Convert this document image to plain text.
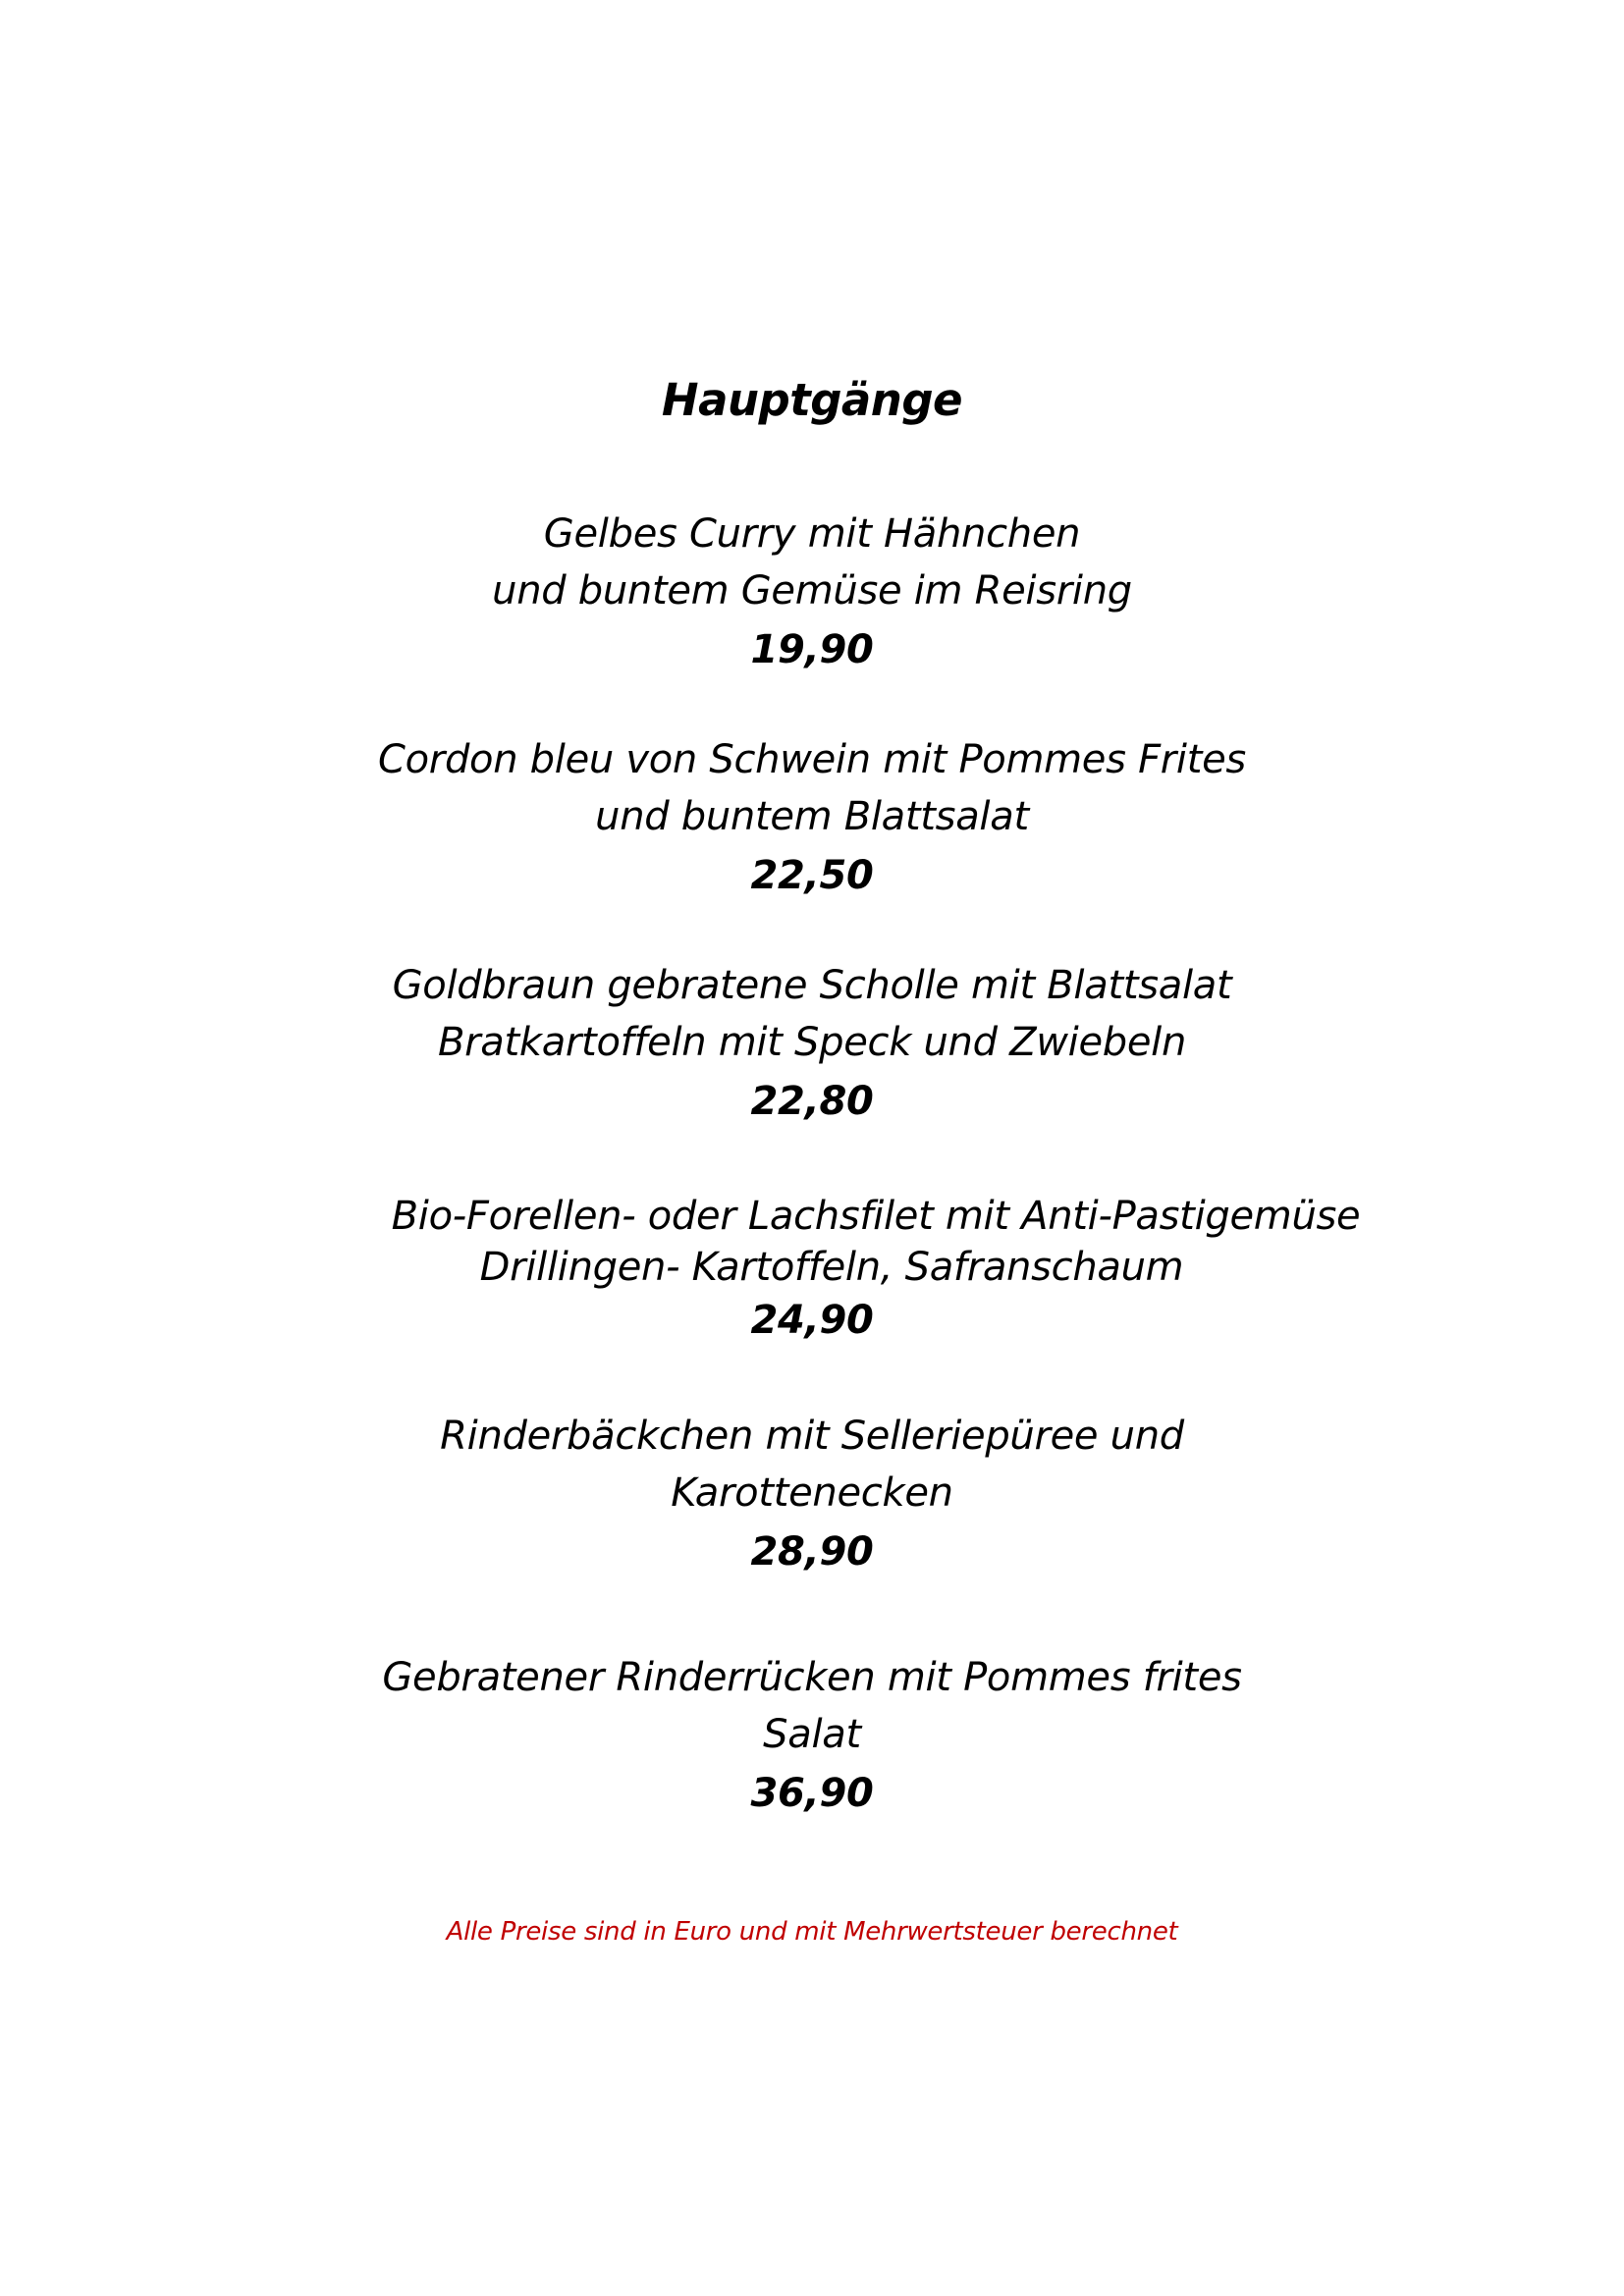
Hauptgänge
Gelbes Curry mit Hähnchen
und buntem Gemüse im Reisring
19,90
Cordon bleu von Schwein mit Pommes Frites
und buntem Blattsalat
22,50
Goldbraun gebratene Scholle mit Blattsalat
Bratkartoffeln mit Speck und Zwiebeln
22,80
Bio-Forellen- oder Lachsfilet mit Anti-Pastigemüse
Drillingen- Kartoffeln, Safranschaum
24,90
Rinderbäckchen mit Selleriepüree und
Karottenecken
28,90
Gebratener Rinderrücken mit Pommes frites
Salat
36,90
Alle Preise sind in Euro und mit Mehrwertsteuer berechnet
